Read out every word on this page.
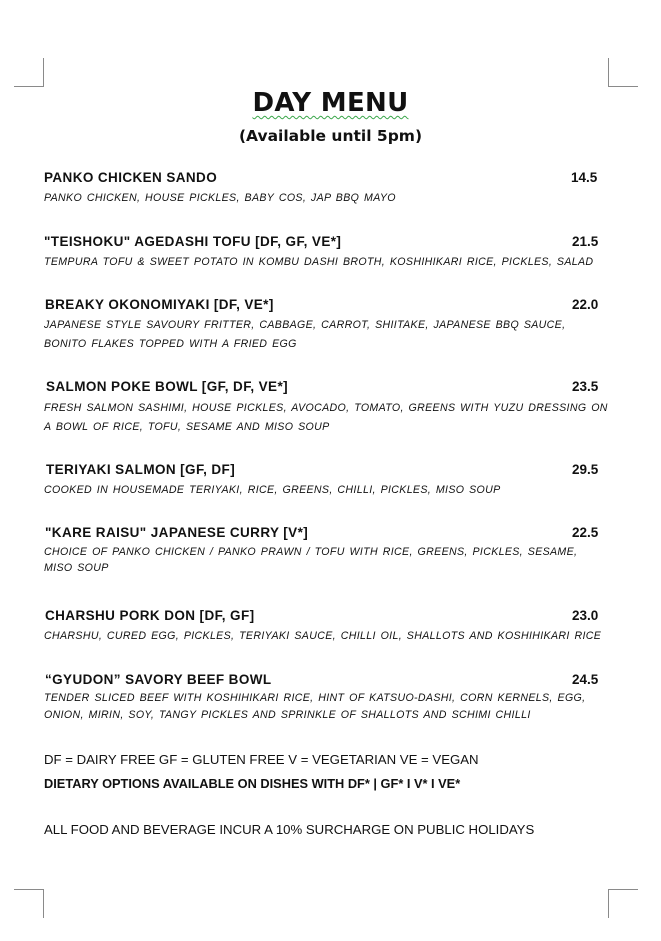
DAY MENU
(Available until 5pm)
PANKO CHICKEN SANDO	14.5
PANKO CHICKEN, HOUSE PICKLES, BABY COS, JAP BBQ MAYO
"TEISHOKU" AGEDASHI TOFU [DF, GF, VE*]	21.5
TEMPURA TOFU & SWEET POTATO IN KOMBU DASHI BROTH, KOSHIHIKARI RICE, PICKLES, SALAD
BREAKY OKONOMIYAKI [DF, VE*]	22.0
JAPANESE STYLE SAVOURY FRITTER, CABBAGE, CARROT, SHIITAKE, JAPANESE BBQ SAUCE, BONITO FLAKES TOPPED WITH A FRIED EGG
SALMON POKE BOWL [GF, DF, VE*]	23.5
FRESH SALMON SASHIMI, HOUSE PICKLES, AVOCADO, TOMATO, GREENS WITH YUZU DRESSING ON A BOWL OF RICE, TOFU, SESAME AND MISO SOUP
TERIYAKI SALMON [GF, DF]	29.5
COOKED IN HOUSEMADE TERIYAKI, RICE, GREENS, CHILLI, PICKLES, MISO SOUP
"KARE RAISU" JAPANESE CURRY [V*]	22.5
CHOICE OF PANKO CHICKEN / PANKO PRAWN / TOFU WITH RICE, GREENS, PICKLES, SESAME, MISO SOUP
CHARSHU PORK DON [DF, GF]	23.0
CHARSHU, CURED EGG, PICKLES, TERIYAKI SAUCE, CHILLI OIL, SHALLOTS AND KOSHIHIKARI RICE
“GYUDON” SAVORY BEEF BOWL	24.5
TENDER SLICED BEEF WITH KOSHIHIKARI RICE, HINT OF KATSUO-DASHI, CORN KERNELS, EGG, ONION, MIRIN, SOY, TANGY PICKLES AND SPRINKLE OF SHALLOTS AND SCHIMI CHILLI
DF = DAIRY FREE GF = GLUTEN FREE V = VEGETARIAN VE = VEGAN
DIETARY OPTIONS AVAILABLE ON DISHES WITH DF* | GF* I V* I VE*
ALL FOOD AND BEVERAGE INCUR A 10% SURCHARGE ON PUBLIC HOLIDAYS
